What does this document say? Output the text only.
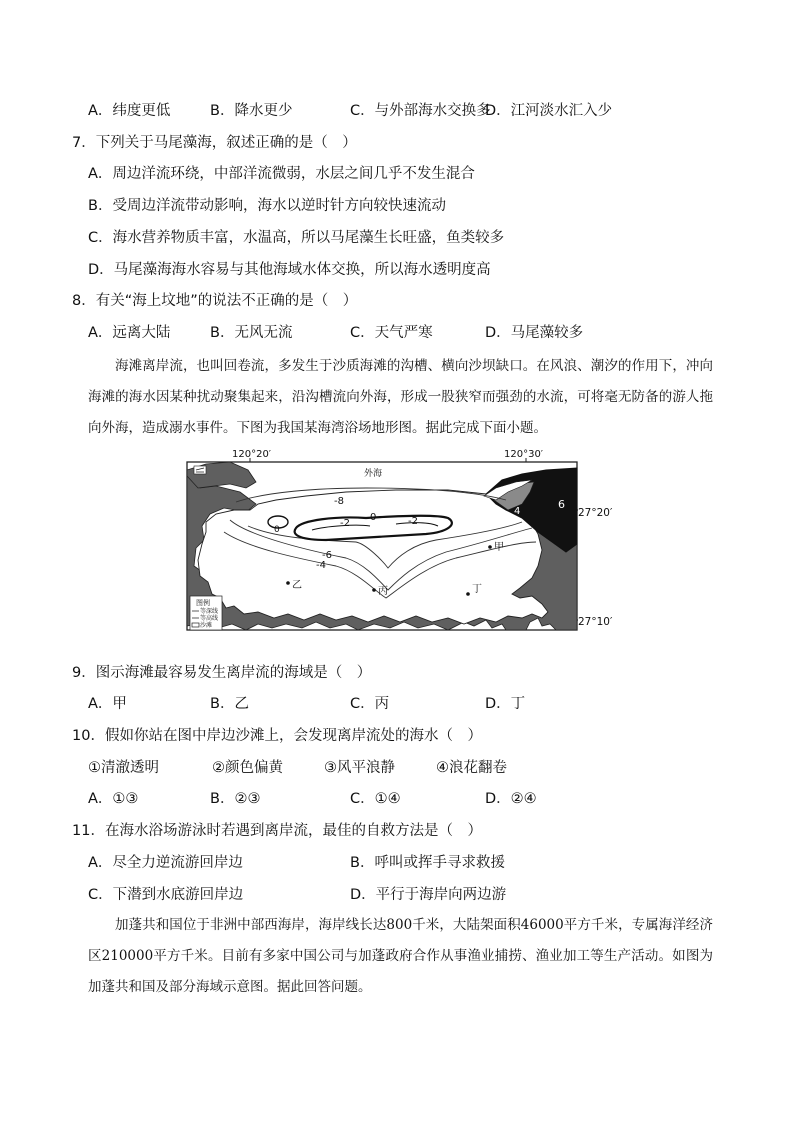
A．纬度更低	B．降水更少	C．与外部海水交换多
D．江河淡水汇入少
7．下列关于马尾藻海，叙述正确的是（　）
A．周边洋流环绕，中部洋流微弱，水层之间几乎不发生混合
B．受周边洋流带动影响，海水以逆时针方向较快速流动
C．海水营养物质丰富，水温高，所以马尾藻生长旺盛，鱼类较多
D．马尾藻海海水容易与其他海域水体交换，所以海水透明度高
8．有关“海上坟地”的说法不正确的是（　）
A．远离大陆	B．无风无流	C．天气严寒	D．马尾藻较多
海滩离岸流，也叫回卷流，多发生于沙质海滩的沟槽、横向沙坝缺口。在风浪、潮汐的作用下，冲向海滩的海水因某种扰动聚集起来，沿沟槽流向外海，形成一股狭窄而强劲的水流，可将毫无防备的游人拖向外海，造成溺水事件。下图为我国某海湾浴场地形图。据此完成下面小题。
120°20′	120°30′
外海
-8
0
-2	-2
0
-6
-4
4
6
甲
乙
丙	丁
图例
等深线
等高线
沙滩
27°20′
27°10′
9．图示海滩最容易发生离岸流的海域是（　）
A．甲	B．乙	C．丙	D．丁
10．假如你站在图中岸边沙滩上，会发现离岸流处的海水（　）
①清澈透明	②颜色偏黄	③风平浪静	④浪花翻卷
A．①③	B．②③	C．①④	D．②④
11．在海水浴场游泳时若遇到离岸流，最佳的自救方法是（　）
A．尽全力逆流游回岸边	B．呼叫或挥手寻求救援
C．下潜到水底游回岸边	D．平行于海岸向两边游
加蓬共和国位于非洲中部西海岸，海岸线长达800千米，大陆架面积46000平方千米，专属海洋经济区210000平方千米。目前有多家中国公司与加蓬政府合作从事渔业捕捞、渔业加工等生产活动。如图为加蓬共和国及部分海域示意图。据此回答问题。
